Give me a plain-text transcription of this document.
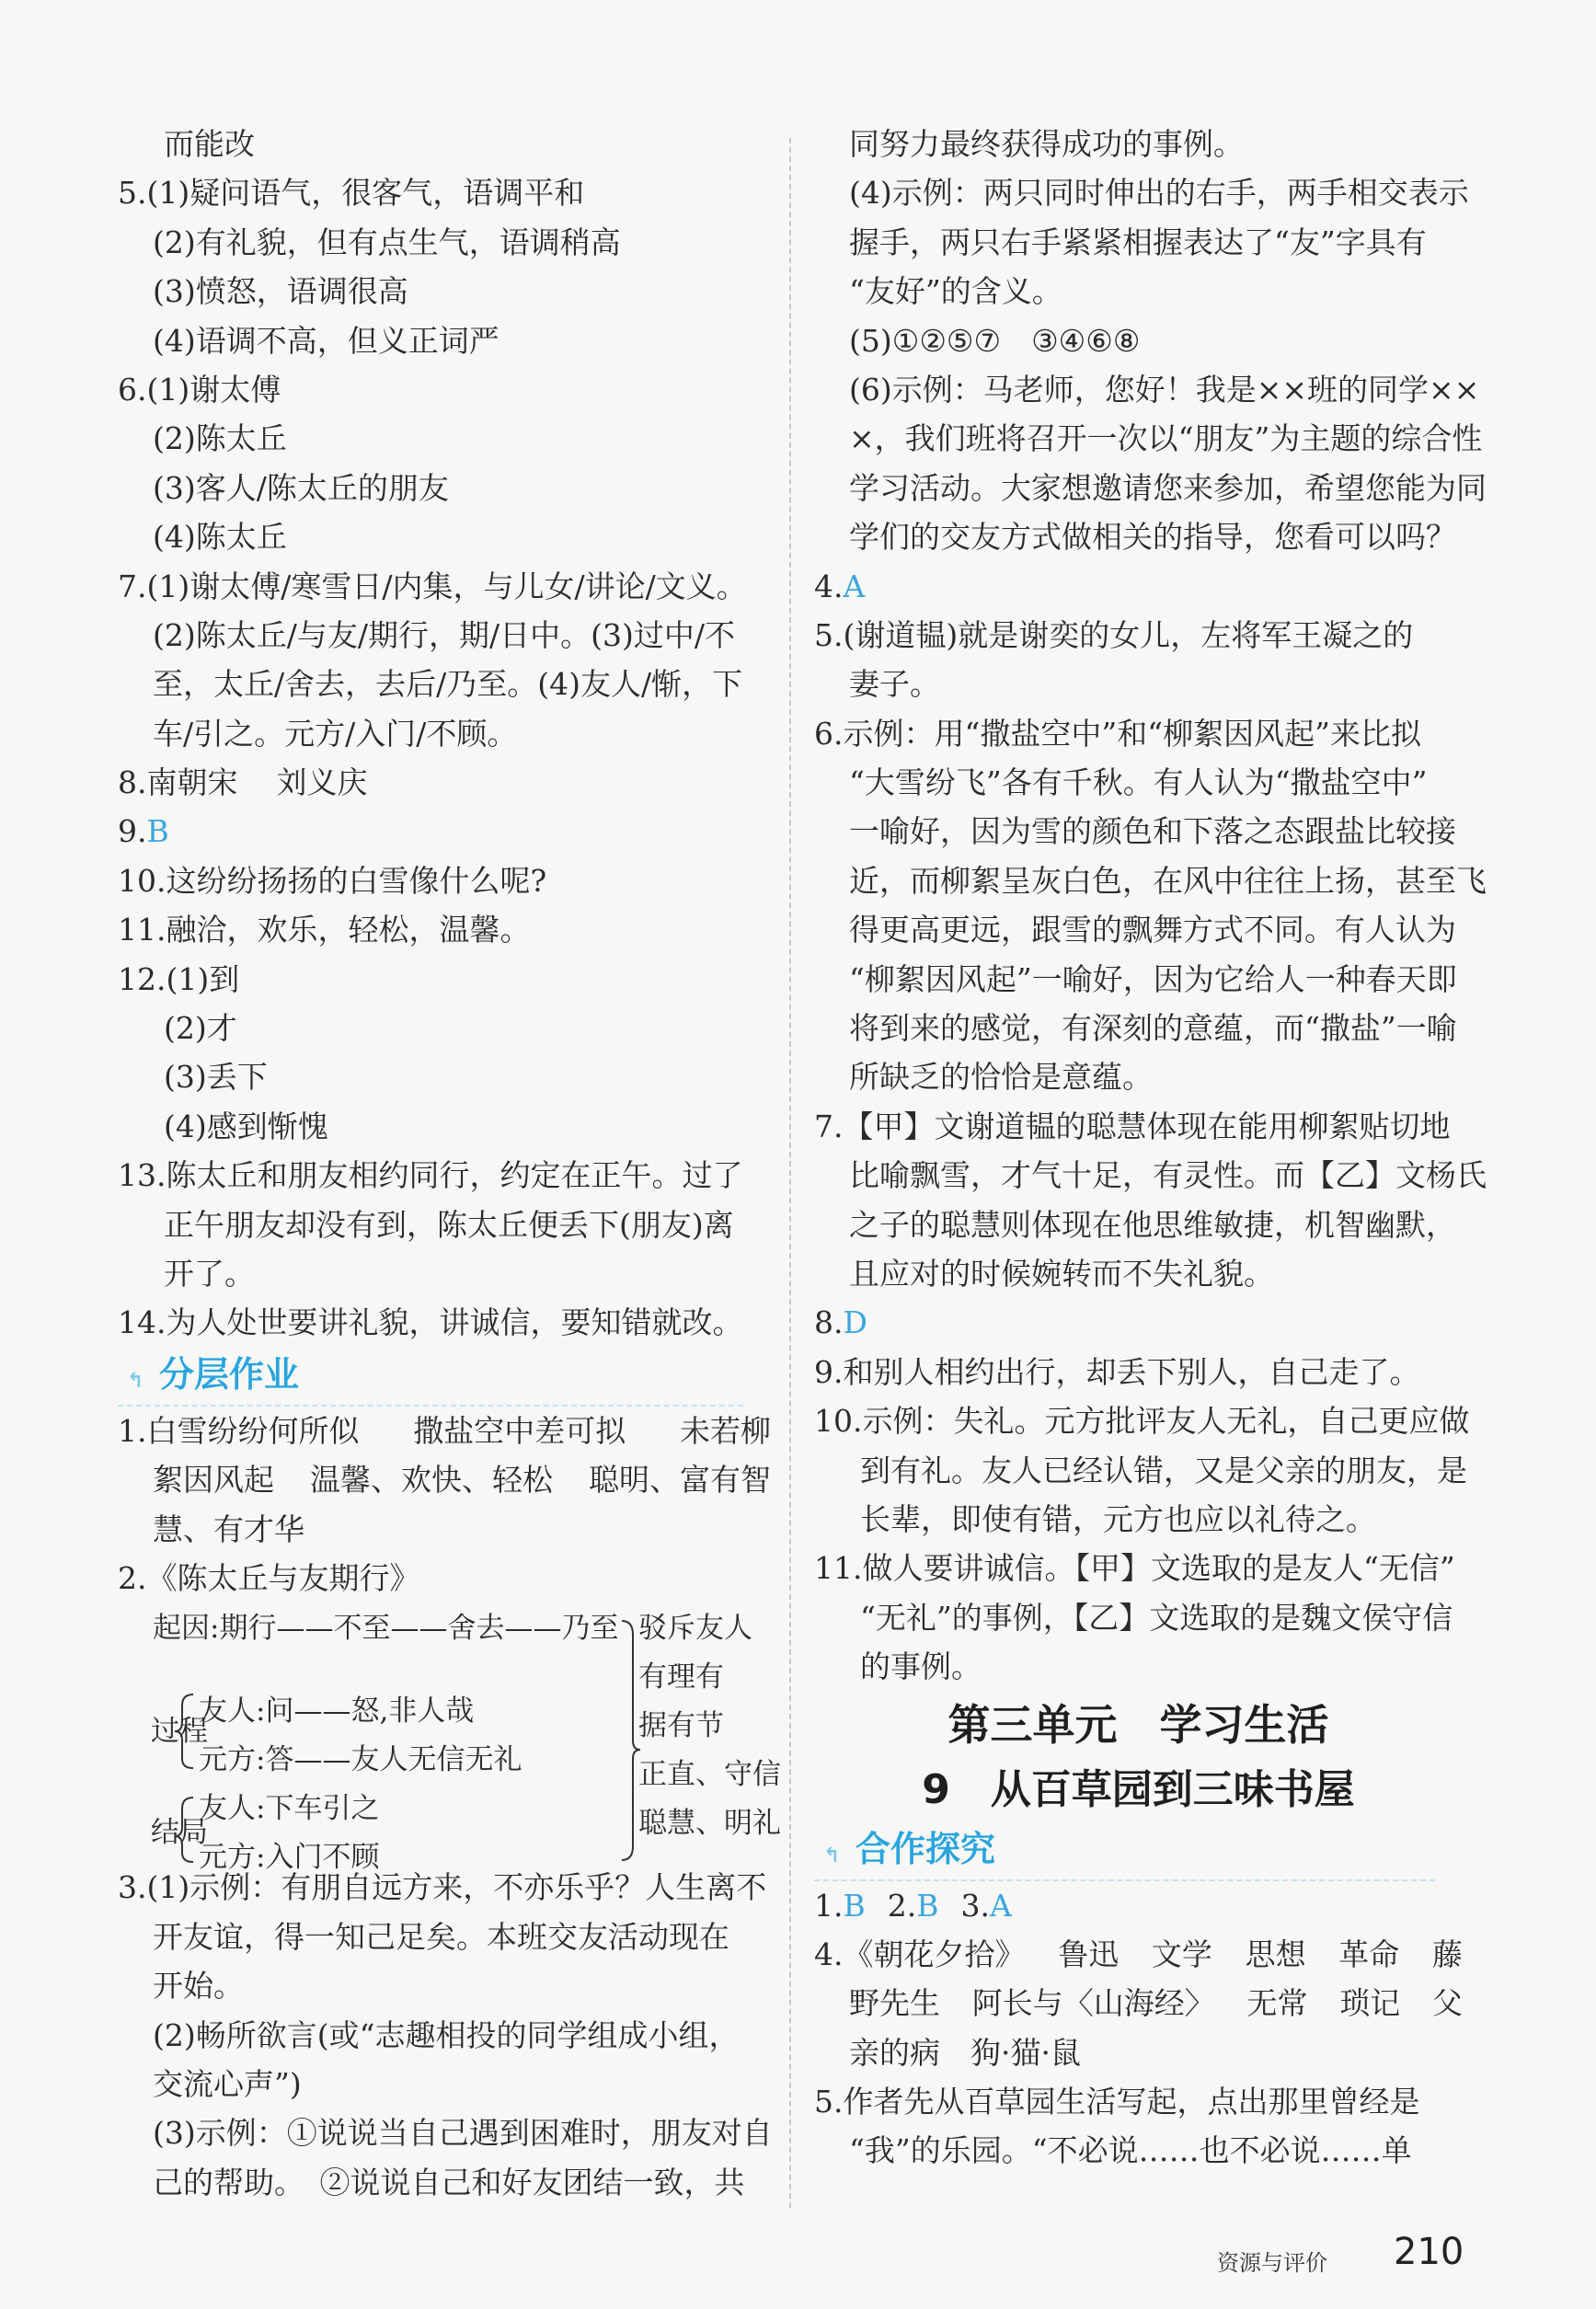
而能改
5.(1)疑问语气，很客气，语调平和
(2)有礼貌，但有点生气，语调稍高
(3)愤怒，语调很高
(4)语调不高，但义正词严
6.(1)谢太傅
(2)陈太丘
(3)客人/陈太丘的朋友
(4)陈太丘
7.(1)谢太傅/寒雪日/内集，与儿女/讲论/文义。
(2)陈太丘/与友/期行，期/日中。(3)过中/不
至，太丘/舍去，去后/乃至。(4)友人/惭，下
车/引之。元方/入门/不顾。
8.南朝宋 刘义庆
9.B
10.这纷纷扬扬的白雪像什么呢?
11.融洽，欢乐，轻松，温馨。
12.(1)到
(2)才
(3)丢下
(4)感到惭愧
13.陈太丘和朋友相约同行，约定在正午。过了
正午朋友却没有到，陈太丘便丢下(朋友)离
开了。
14.为人处世要讲礼貌，讲诚信，要知错就改。
↰ 分层作业
1.白雪纷纷何所似 撒盐空中差可拟 未若柳
絮因风起 温馨、欢快、轻松 聪明、富有智
慧、有才华
2.《陈太丘与友期行》
起因:期行——不至——舍去——乃至
过程
友人:问——怒,非人哉
元方:答——友人无信无礼
结局
友人:下车引之
元方:入门不顾
驳斥友人
有理有
据有节
正直、守信
聪慧、明礼
3.(1)示例：有朋自远方来，不亦乐乎？人生离不
开友谊，得一知己足矣。本班交友活动现在
开始。
(2)畅所欲言(或“志趣相投的同学组成小组，
交流心声”)
(3)示例：①说说当自己遇到困难时，朋友对自
己的帮助。　②说说自己和好友团结一致，共
同努力最终获得成功的事例。
(4)示例：两只同时伸出的右手，两手相交表示
握手，两只右手紧紧相握表达了“友”字具有
“友好”的含义。
(5)①②⑤⑦　③④⑥⑧
(6)示例：马老师，您好！我是××班的同学××
×，我们班将召开一次以“朋友”为主题的综合性
学习活动。大家想邀请您来参加，希望您能为同
学们的交友方式做相关的指导，您看可以吗？
4.A
5.(谢道韫)就是谢奕的女儿，左将军王凝之的
妻子。
6.示例：用“撒盐空中”和“柳絮因风起”来比拟
“大雪纷飞”各有千秋。有人认为“撒盐空中”
一喻好，因为雪的颜色和下落之态跟盐比较接
近，而柳絮呈灰白色，在风中往往上扬，甚至飞
得更高更远，跟雪的飘舞方式不同。有人认为
“柳絮因风起”一喻好，因为它给人一种春天即
将到来的感觉，有深刻的意蕴，而“撒盐”一喻
所缺乏的恰恰是意蕴。
7.【甲】文谢道韫的聪慧体现在能用柳絮贴切地
比喻飘雪，才气十足，有灵性。而【乙】文杨氏
之子的聪慧则体现在他思维敏捷，机智幽默，
且应对的时候婉转而不失礼貌。
8.D
9.和别人相约出行，却丢下别人，自己走了。
10.示例：失礼。元方批评友人无礼，自己更应做
到有礼。友人已经认错，又是父亲的朋友，是
长辈，即使有错，元方也应以礼待之。
11.做人要讲诚信。【甲】文选取的是友人“无信”
“无礼”的事例，【乙】文选取的是魏文侯守信
的事例。
第三单元　学习生活
9　从百草园到三味书屋
↰ 合作探究
1.B 2.B 3.A
4.《朝花夕拾》 鲁迅 文学 思想 革命 藤
野先生 阿长与〈山海经〉 无常 琐记 父
亲的病　狗·猫·鼠
5.作者先从百草园生活写起，点出那里曾经是
“我”的乐园。“不必说……也不必说……单
资源与评价 210
